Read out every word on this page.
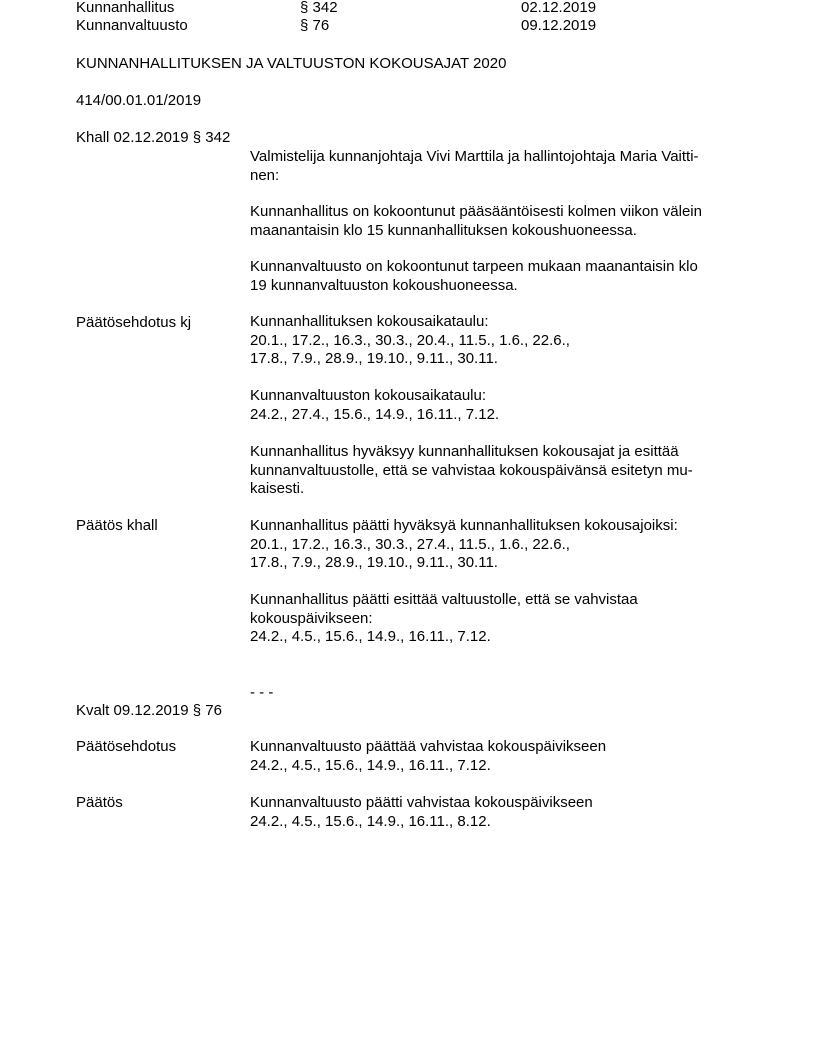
Kunnanhallitus	§ 342	02.12.2019
Kunnanvaltuusto	§ 76	09.12.2019
KUNNANHALLITUKSEN JA VALTUUSTON KOKOUSAJAT 2020
414/00.01.01/2019
Khall 02.12.2019 § 342
Valmistelija kunnanjohtaja Vivi Marttila ja hallintojohtaja Maria Vaitti-
nen:
Kunnanhallitus on kokoontunut pääsääntöisesti kolmen viikon välein
maanantaisin klo 15 kunnanhallituksen kokoushuoneessa.
Kunnanvaltuusto on kokoontunut tarpeen mukaan maanantaisin klo
19 kunnanvaltuuston kokoushuoneessa.
Päätösehdotus kj	Kunnanhallituksen kokousaikataulu:
20.1., 17.2., 16.3., 30.3., 20.4., 11.5., 1.6., 22.6.,
17.8., 7.9., 28.9., 19.10., 9.11., 30.11.
Kunnanvaltuuston kokousaikataulu:
24.2., 27.4., 15.6., 14.9., 16.11., 7.12.
Kunnanhallitus hyväksyy kunnanhallituksen kokousajat ja esittää
kunnanvaltuustolle, että se vahvistaa kokouspäivänsä esitetyn mu-
kaisesti.
Päätös khall	Kunnanhallitus päätti hyväksyä kunnanhallituksen kokousajoiksi:
20.1., 17.2., 16.3., 30.3., 27.4., 11.5., 1.6., 22.6.,
17.8., 7.9., 28.9., 19.10., 9.11., 30.11.
Kunnanhallitus päätti esittää valtuustolle, että se vahvistaa
kokouspäivikseen:
24.2., 4.5., 15.6., 14.9., 16.11., 7.12.
- - -
Kvalt 09.12.2019 § 76
Päätösehdotus	Kunnanvaltuusto päättää vahvistaa kokouspäivikseen
24.2., 4.5., 15.6., 14.9., 16.11., 7.12.
Päätös	Kunnanvaltuusto päätti vahvistaa kokouspäivikseen
24.2., 4.5., 15.6., 14.9., 16.11., 8.12.
